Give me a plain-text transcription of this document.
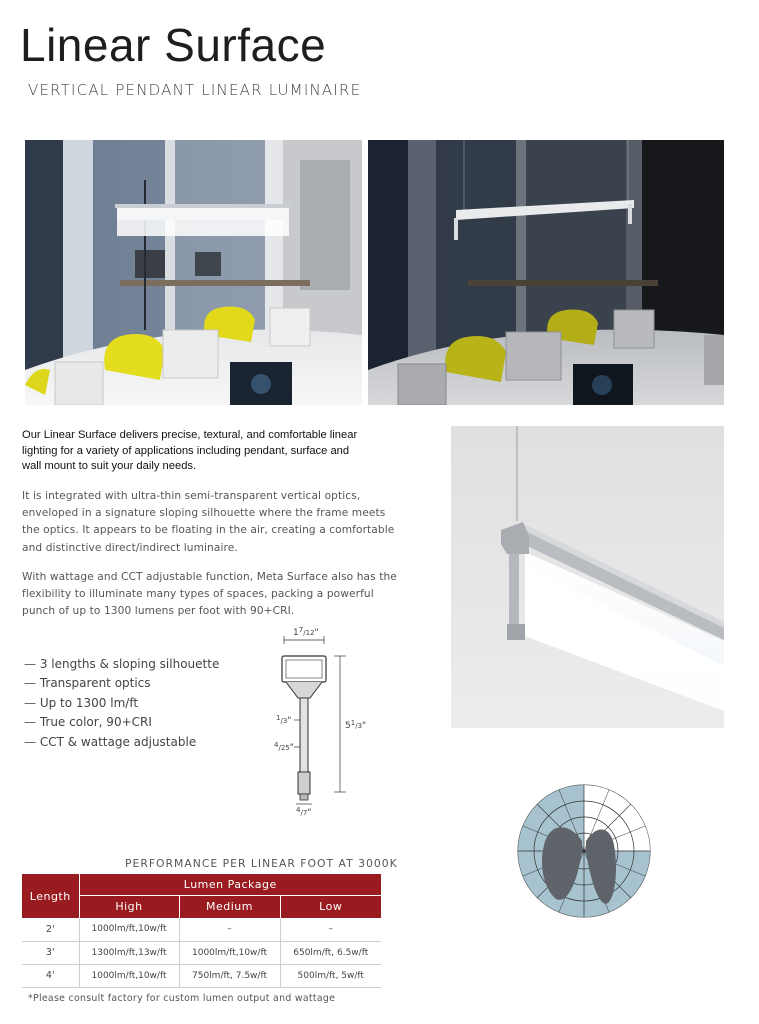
Linear Surface
VERTICAL PENDANT LINEAR LUMINAIRE
Our Linear Surface delivers precise, textural, and comfortable linear lighting for a variety of applications including pendant, surface and wall mount to suit your daily needs.
It is integrated with ultra-thin semi-transparent vertical optics, enveloped in a signature sloping silhouette where the frame meets the optics. It appears to be floating in the air, creating a comfortable and distinctive direct/indirect luminaire.
With wattage and CCT adjustable function, Meta Surface also has the flexibility to illuminate many types of spaces, packing a powerful punch of up to 1300 lumens per foot with 90+CRI.
— 3 lengths & sloping silhouette
— Transparent optics
— Up to 1300 lm/ft
— True color, 90+CRI
— CCT & wattage adjustable
$1^7_/12$"
$^1_/$3"
$^4_/$25"
$5^1_/3$"
$^4_/$7"
PERFORMANCE PER LINEAR FOOT AT 3000K
Length	Lumen Package		
	High	Medium	Low
2'	1000lm/ft,10w/ft	–	–
3'	1300lm/ft,13w/ft	1000lm/ft,10w/ft	650lm/ft, 6.5w/ft
4'	1000lm/ft,10w/ft	750lm/ft, 7.5w/ft	500lm/ft, 5w/ft
*Please consult factory for custom lumen output and wattage
